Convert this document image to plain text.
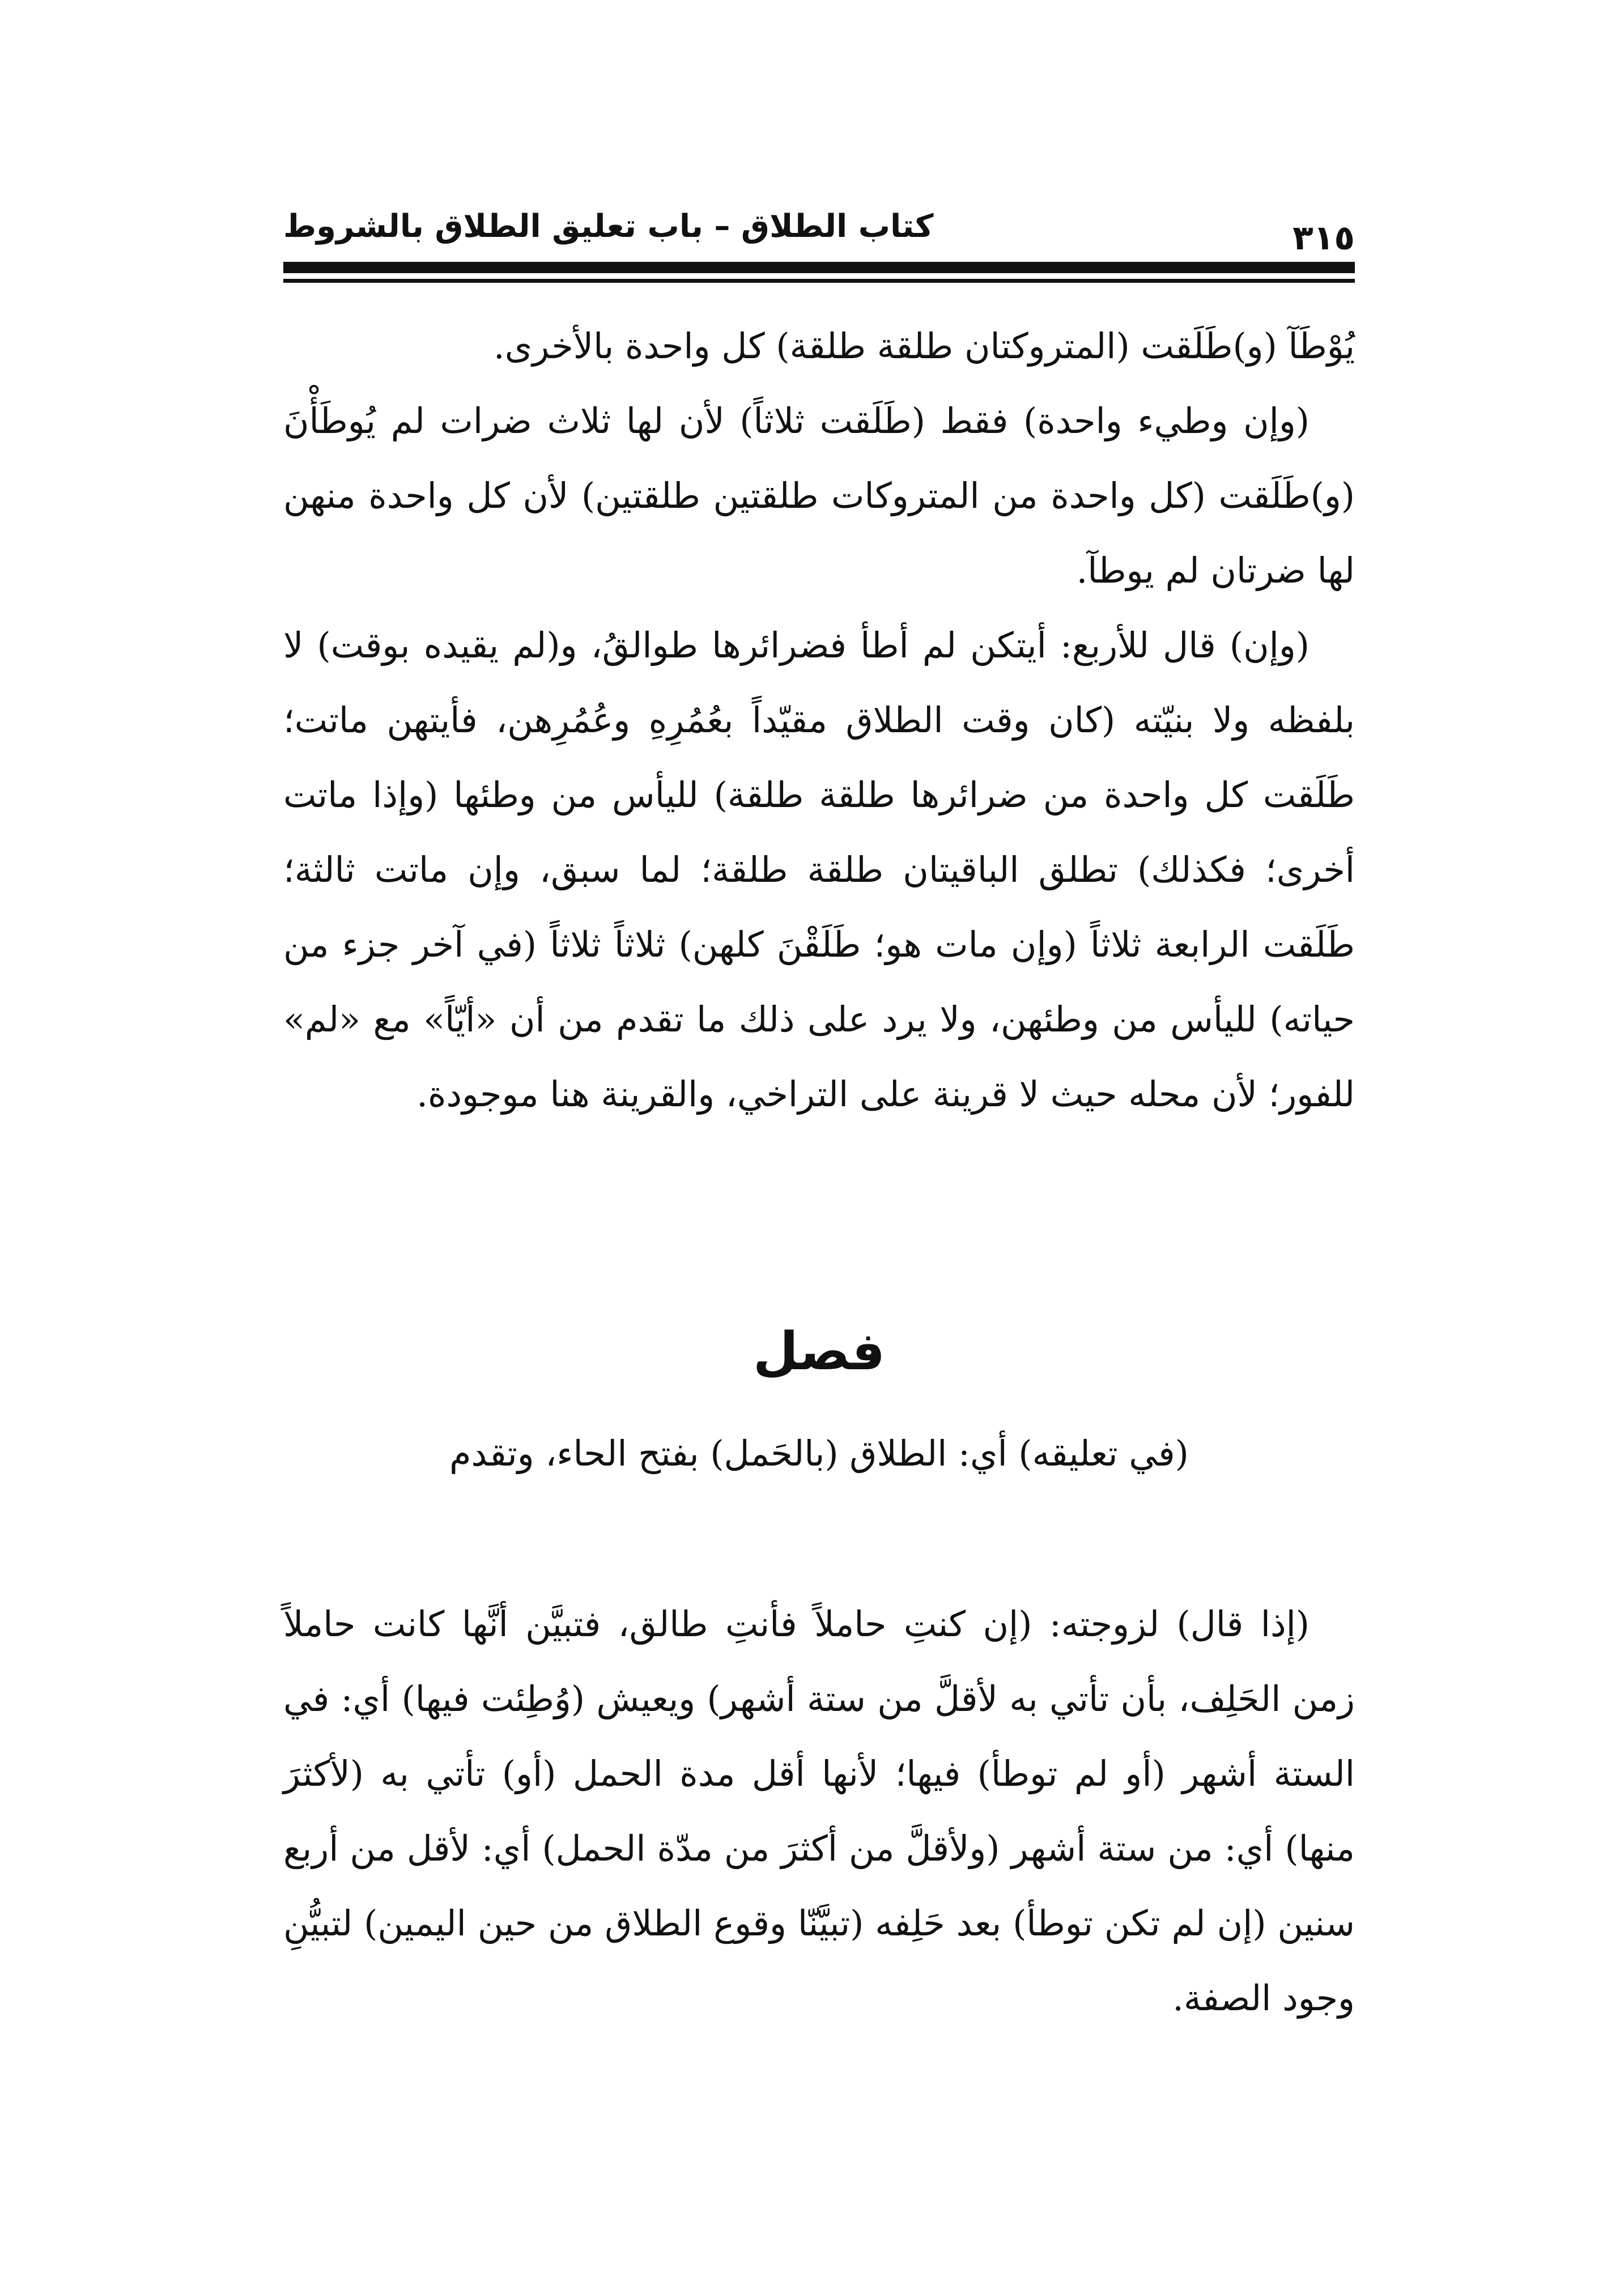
كتاب الطلاق – باب تعليق الطلاق بالشروط	٣١٥

يُوْطَآ (و)طَلَقت (المتروكتان طلقة طلقة) كل واحدة بالأخرى.

(وإن وطيء واحدة) فقط (طَلَقت ثلاثاً) لأن لها ثلاث ضرات لم يُوطَأْنَ (و)طَلَقت (كل واحدة من المتروكات طلقتين طلقتين) لأن كل واحدة منهن لها ضرتان لم يوطآ.

(وإن) قال للأربع: أيتكن لم أطأ فضرائرها طوالقُ، و(لم يقيده بوقت) لا بلفظه ولا بنيّته (كان وقت الطلاق مقيّداً بعُمُرِهِ وعُمُرِهن، فأيتهن ماتت؛ طَلَقت كل واحدة من ضرائرها طلقة طلقة) لليأس من وطئها (وإذا ماتت أخرى؛ فكذلك) تطلق الباقيتان طلقة طلقة؛ لما سبق، وإن ماتت ثالثة؛ طَلَقت الرابعة ثلاثاً (وإن مات هو؛ طَلَقْنَ كلهن) ثلاثاً ثلاثاً (في آخر جزء من حياته) لليأس من وطئهن، ولا يرد على ذلك ما تقدم من أن «أيّاً» مع «لم» للفور؛ لأن محله حيث لا قرينة على التراخي، والقرينة هنا موجودة.

فصل
(في تعليقه) أي: الطلاق (بالحَمل) بفتح الحاء، وتقدم

(إذا قال) لزوجته: (إن كنتِ حاملاً فأنتِ طالق، فتبيَّن أنَّها كانت حاملاً زمن الحَلِف، بأن تأتي به لأقلَّ من ستة أشهر) ويعيش (وُطِئت فيها) أي: في الستة أشهر (أو لم توطأ) فيها؛ لأنها أقل مدة الحمل (أو) تأتي به (لأكثرَ منها) أي: من ستة أشهر (ولأقلَّ من أكثرَ من مدّة الحمل) أي: لأقل من أربع سنين (إن لم تكن توطأ) بعد حَلِفه (تبيَّنّا وقوع الطلاق من حين اليمين) لتبيُّنِ وجود الصفة.
